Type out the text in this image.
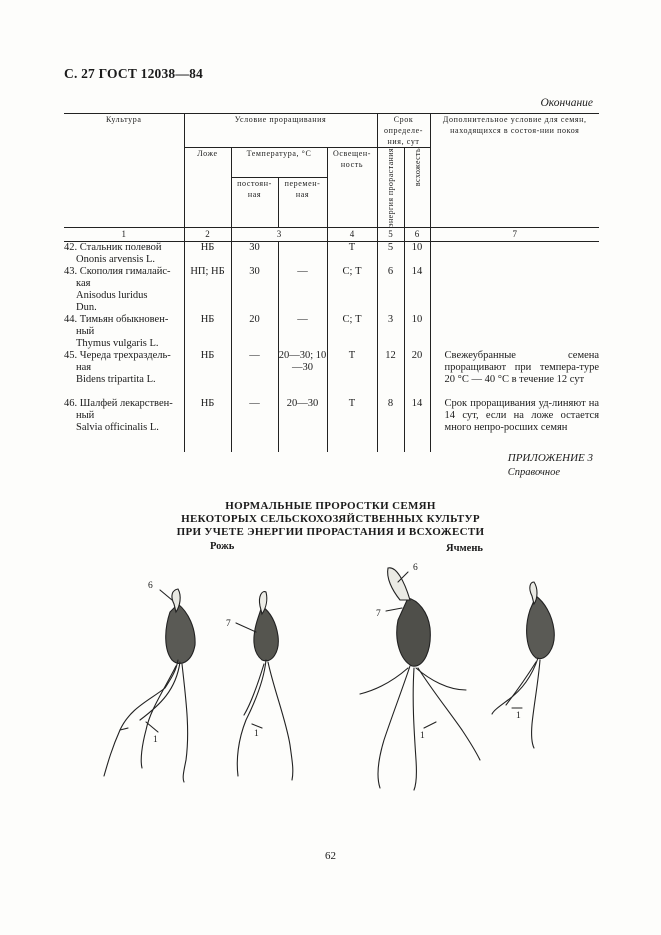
С. 27 ГОСТ 12038—84
Окончание
Культура	Условие проращивания				Срок определе-ния, сут		Дополнительное условие для семян, находящихся в состоя-нии покоя
	Ложе	Температура, °С		Освещен-ность	энергия прорастания	всхожесть	

		постоян-ная	перемен-ная				
1	2	3		4	5	6	7

42. Стальник полевой
Ononis arvensis L.	НБ	30		Т	5	10	

43. Скополия гималайс-
кая
Anisodus luridus
Dun.	НП; НБ	30	—	С; Т	6	14	

44. Тимьян обыкновен-
ный
Thymus vulgaris L.	НБ	20	—	С; Т	3	10	

45. Череда трехраздель-
ная
Bidens tripartita L.	НБ	—	20—30; 10—30	Т	12	20	Свежеубранные семена проращивают при темпера-туре 20 °С — 40 °С в течение 12 сут

46. Шалфей лекарствен-
ный
Salvia officinalis L.	НБ	—	20—30	Т	8	14	Срок проращивания уд-линяют на 14 сут, если на ложе остается много непро-росших семян
ПРИЛОЖЕНИЕ 3
Справочное
НОРМАЛЬНЫЕ ПРОРОСТКИ СЕМЯН
НЕКОТОРЫХ СЕЛЬСКОХОЗЯЙСТВЕННЫХ КУЛЬТУР
ПРИ УЧЕТЕ ЭНЕРГИИ ПРОРАСТАНИЯ И ВСХОЖЕСТИ
Рожь	Ячмень
6
7
6
7
1
1	1
1
62
